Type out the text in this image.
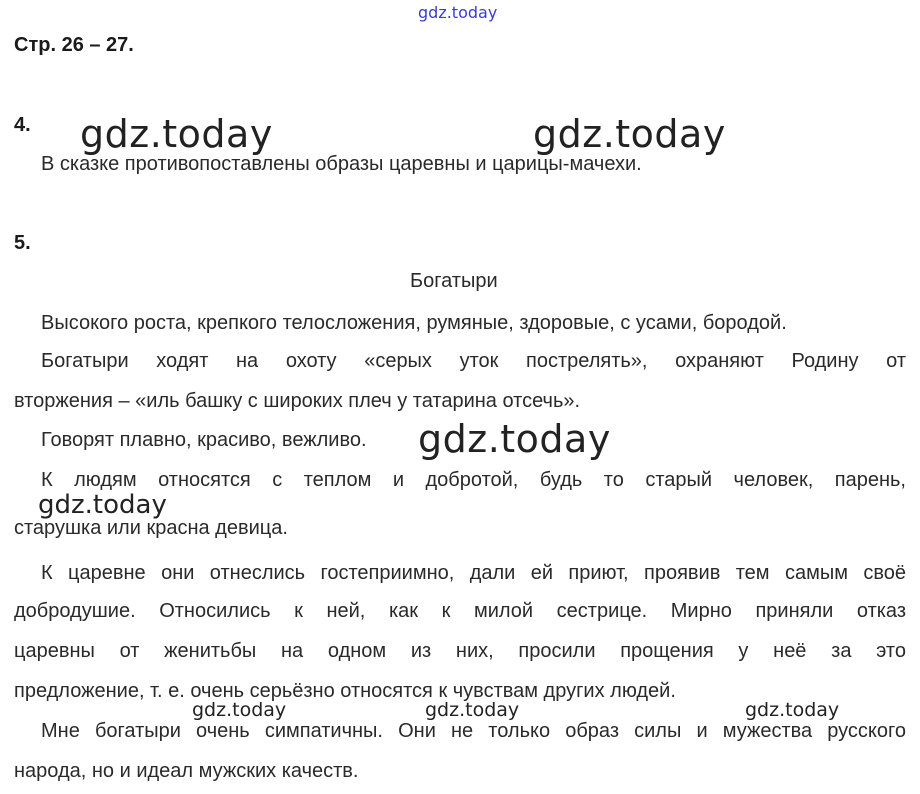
gdz.today
gdz.today	gdz.today
gdz.today
gdz.today
gdz.today	gdz.today	gdz.today
Стр. 26 – 27.
4.
В сказке противопоставлены образы царевны и царицы-мачехи.
5.
Богатыри
Высокого роста, крепкого телосложения, румяные, здоровые, с усами, бородой.
Богатыри ходят на охоту «серых уток пострелять», охраняют Родину от
вторжения – «иль башку с широких плеч у татарина отсечь».
Говорят плавно, красиво, вежливо.
К людям относятся с теплом и добротой, будь то старый человек, парень,
старушка или красна девица.
К царевне они отнеслись гостеприимно, дали ей приют, проявив тем самым своё
добродушие. Относились к ней, как к милой сестрице. Мирно приняли отказ
царевны от женитьбы на одном из них, просили прощения у неё за это
предложение, т. е. очень серьёзно относятся к чувствам других людей.
Мне богатыри очень симпатичны. Они не только образ силы и мужества русского
народа, но и идеал мужских качеств.
